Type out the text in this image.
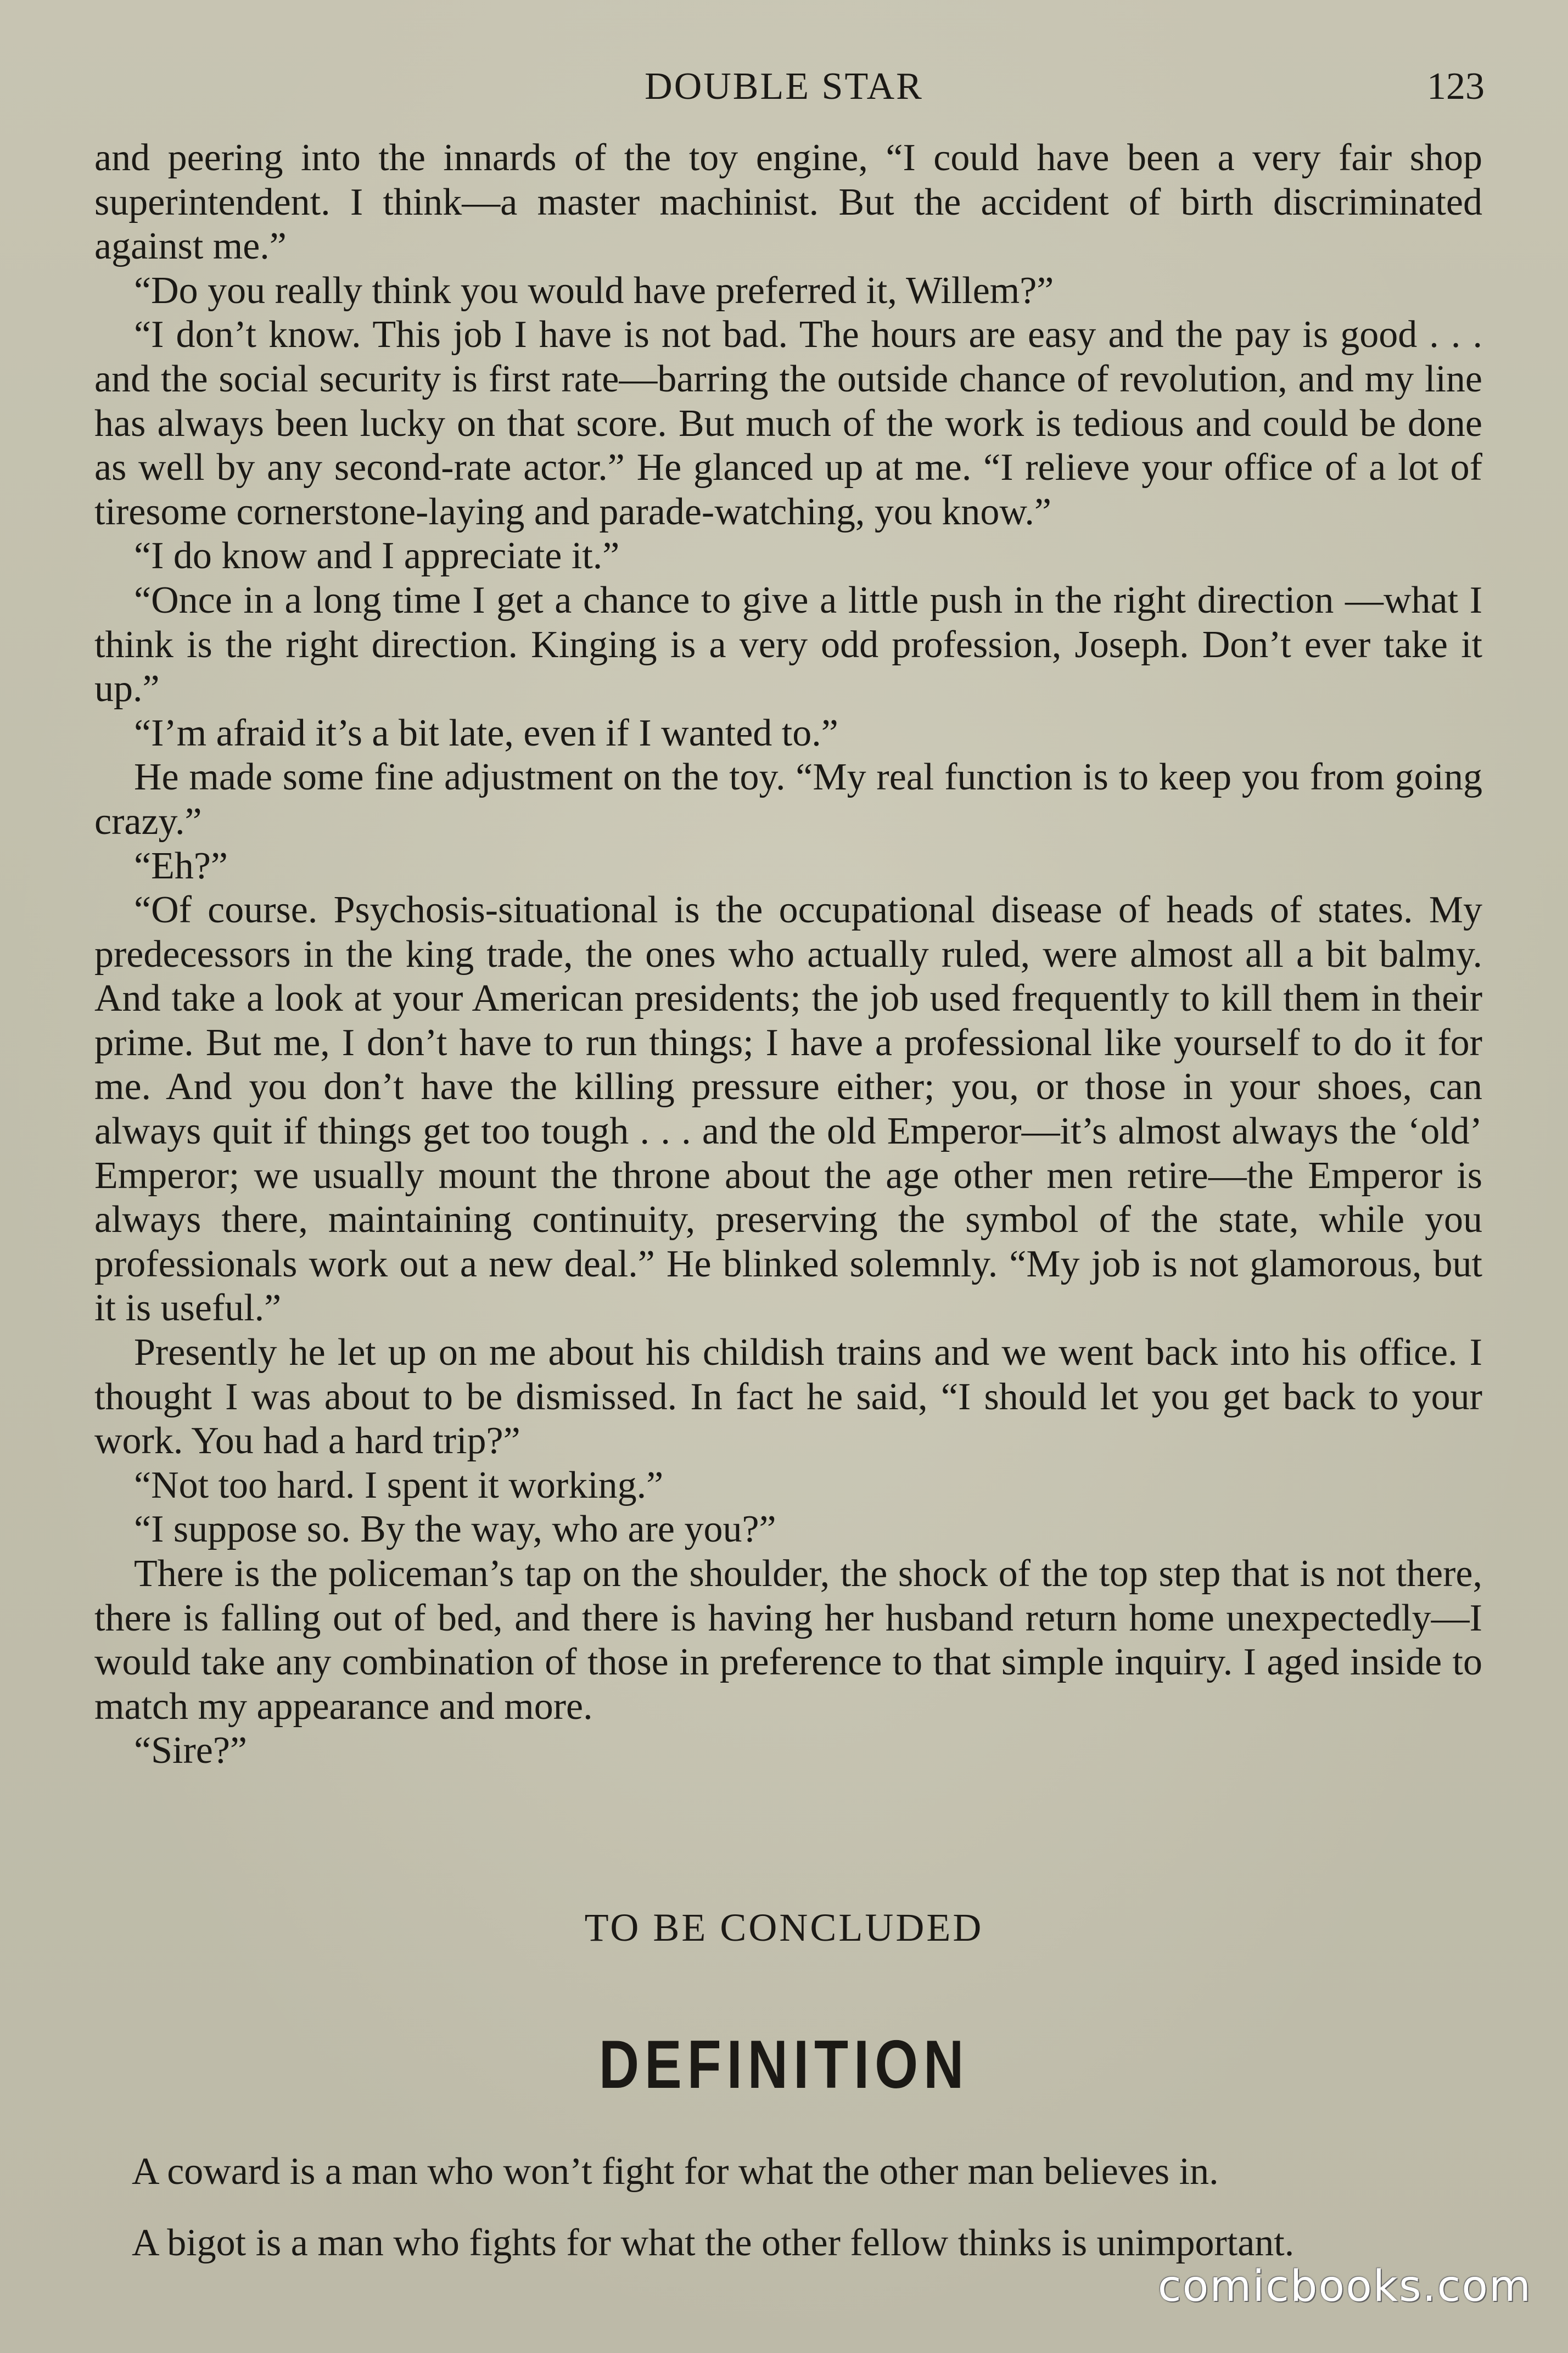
DOUBLE STAR	123

and peering into the innards of the toy engine, “I could have been a very fair shop superintendent. I think—a master machinist. But the accident of birth discriminated against me.”

“Do you really think you would have preferred it, Willem?”

“I don’t know. This job I have is not bad. The hours are easy and the pay is good . . . and the social security is first rate—barring the outside chance of revolution, and my line has always been lucky on that score. But much of the work is tedious and could be done as well by any second-rate actor.” He glanced up at me. “I relieve your office of a lot of tiresome cornerstone-laying and parade-watching, you know.”

“I do know and I appreciate it.”

“Once in a long time I get a chance to give a little push in the right direction —what I think is the right direction. Kinging is a very odd profession, Joseph. Don’t ever take it up.”

“I’m afraid it’s a bit late, even if I wanted to.”

He made some fine adjustment on the toy. “My real function is to keep you from going crazy.”

“Eh?”

“Of course. Psychosis-situational is the occupational disease of heads of states. My predecessors in the king trade, the ones who actually ruled, were almost all a bit balmy. And take a look at your American presidents; the job used frequently to kill them in their prime. But me, I don’t have to run things; I have a professional like yourself to do it for me. And you don’t have the killing pressure either; you, or those in your shoes, can always quit if things get too tough . . . and the old Emperor—it’s almost always the ‘old’ Emperor; we usually mount the throne about the age other men retire—the Emperor is always there, maintaining continuity, preserving the symbol of the state, while you professionals work out a new deal.” He blinked solemnly. “My job is not glamorous, but it is useful.”

Presently he let up on me about his childish trains and we went back into his office. I thought I was about to be dismissed. In fact he said, “I should let you get back to your work. You had a hard trip?”

“Not too hard. I spent it working.”

“I suppose so. By the way, who are you?”

There is the policeman’s tap on the shoulder, the shock of the top step that is not there, there is falling out of bed, and there is having her husband return home unexpectedly—I would take any combination of those in preference to that simple inquiry. I aged inside to match my appearance and more.

“Sire?”

TO BE CONCLUDED
DEFINITION
A coward is a man who won’t fight for what the other man believes in.
A bigot is a man who fights for what the other fellow thinks is unimportant.
comicbooks.com
